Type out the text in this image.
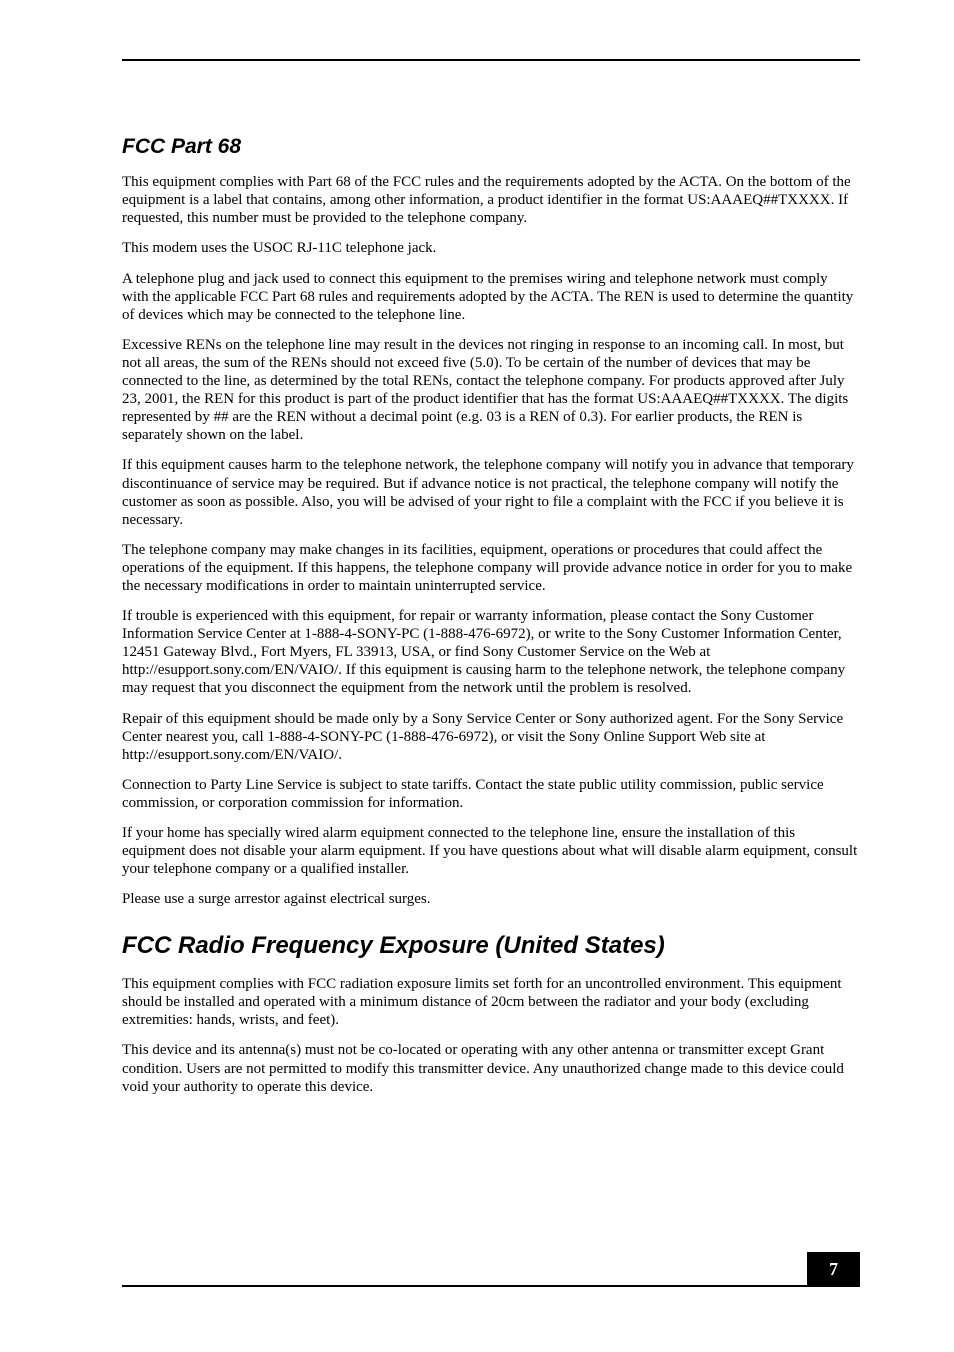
FCC Part 68

This equipment complies with Part 68 of the FCC rules and the requirements adopted by the ACTA. On the bottom of the equipment is a label that contains, among other information, a product identifier in the format US:AAAEQ##TXXXX. If requested, this number must be provided to the telephone company.

This modem uses the USOC RJ-11C telephone jack.

A telephone plug and jack used to connect this equipment to the premises wiring and telephone network must comply with the applicable FCC Part 68 rules and requirements adopted by the ACTA. The REN is used to determine the quantity of devices which may be connected to the telephone line.

Excessive RENs on the telephone line may result in the devices not ringing in response to an incoming call. In most, but not all areas, the sum of the RENs should not exceed five (5.0). To be certain of the number of devices that may be connected to the line, as determined by the total RENs, contact the telephone company. For products approved after July 23, 2001, the REN for this product is part of the product identifier that has the format US:AAAEQ##TXXXX. The digits represented by ## are the REN without a decimal point (e.g. 03 is a REN of 0.3). For earlier products, the REN is separately shown on the label.

If this equipment causes harm to the telephone network, the telephone company will notify you in advance that temporary discontinuance of service may be required. But if advance notice is not practical, the telephone company will notify the customer as soon as possible. Also, you will be advised of your right to file a complaint with the FCC if you believe it is necessary.

The telephone company may make changes in its facilities, equipment, operations or procedures that could affect the operations of the equipment. If this happens, the telephone company will provide advance notice in order for you to make the necessary modifications in order to maintain uninterrupted service.

If trouble is experienced with this equipment, for repair or warranty information, please contact the Sony Customer Information Service Center at 1-888-4-SONY-PC (1-888-476-6972), or write to the Sony Customer Information Center, 12451 Gateway Blvd., Fort Myers, FL 33913, USA, or find Sony Customer Service on the Web at http://esupport.sony.com/EN/VAIO/. If this equipment is causing harm to the telephone network, the telephone company may request that you disconnect the equipment from the network until the problem is resolved.

Repair of this equipment should be made only by a Sony Service Center or Sony authorized agent. For the Sony Service Center nearest you, call 1-888-4-SONY-PC (1-888-476-6972), or visit the Sony Online Support Web site at http://esupport.sony.com/EN/VAIO/.

Connection to Party Line Service is subject to state tariffs. Contact the state public utility commission, public service commission, or corporation commission for information.

If your home has specially wired alarm equipment connected to the telephone line, ensure the installation of this equipment does not disable your alarm equipment. If you have questions about what will disable alarm equipment, consult your telephone company or a qualified installer.

Please use a surge arrestor against electrical surges.

FCC Radio Frequency Exposure (United States)

This equipment complies with FCC radiation exposure limits set forth for an uncontrolled environment. This equipment should be installed and operated with a minimum distance of 20cm between the radiator and your body (excluding extremities: hands, wrists, and feet).

This device and its antenna(s) must not be co-located or operating with any other antenna or transmitter except Grant condition. Users are not permitted to modify this transmitter device. Any unauthorized change made to this device could void your authority to operate this device.

7
